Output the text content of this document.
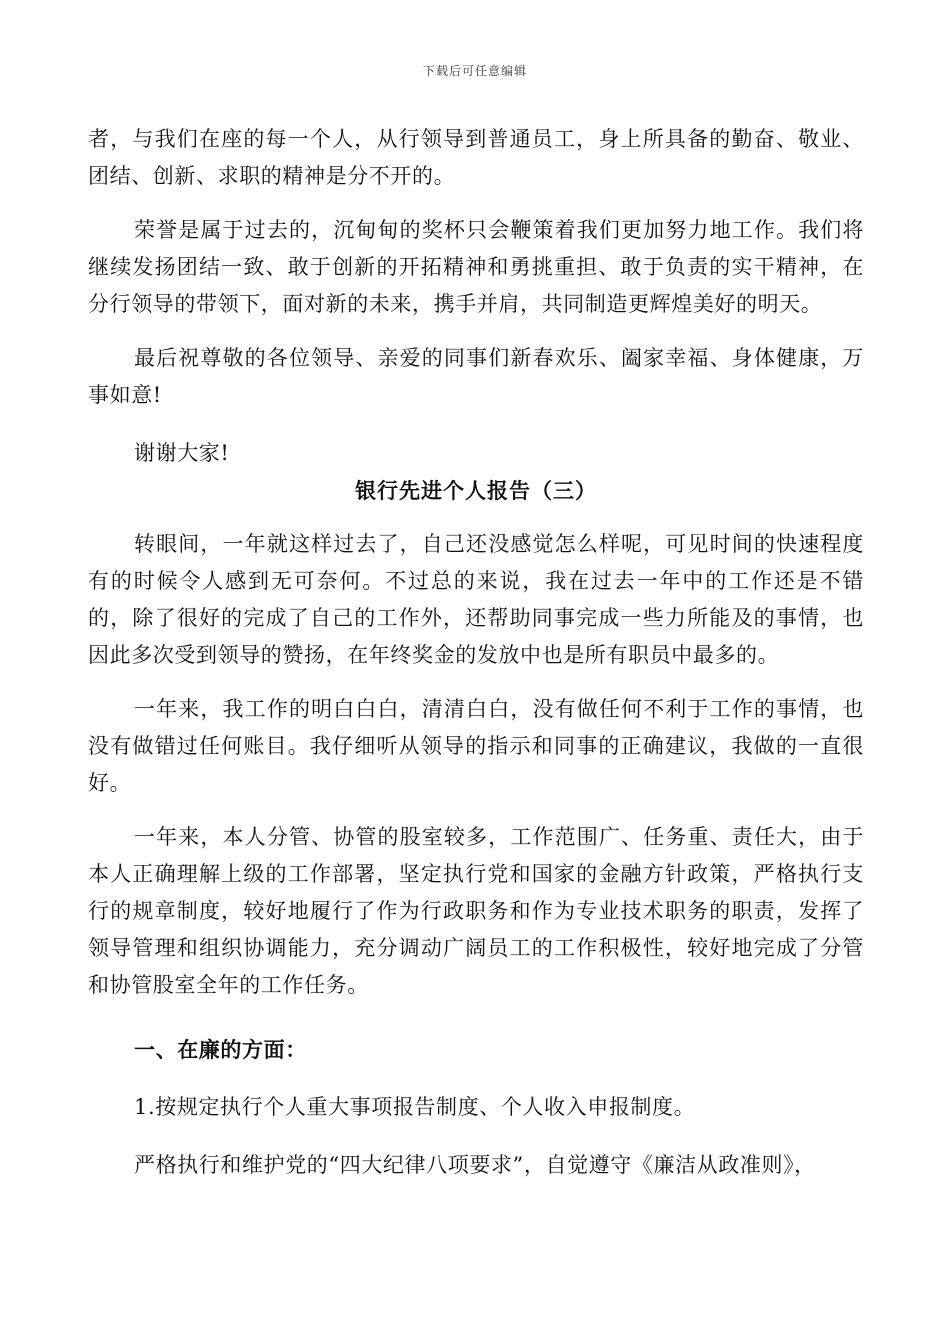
下载后可任意编辑

者，与我们在座的每一个人，从行领导到普通员工，身上所具备的勤奋、敬业、团结、创新、求职的精神是分不开的。

荣誉是属于过去的，沉甸甸的奖杯只会鞭策着我们更加努力地工作。我们将继续发扬团结一致、敢于创新的开拓精神和勇挑重担、敢于负责的实干精神，在分行领导的带领下，面对新的未来，携手并肩，共同制造更辉煌美好的明天。

最后祝尊敬的各位领导、亲爱的同事们新春欢乐、阖家幸福、身体健康，万事如意!

谢谢大家!

银行先进个人报告（三）

转眼间，一年就这样过去了，自己还没感觉怎么样呢，可见时间的快速程度有的时候令人感到无可奈何。不过总的来说，我在过去一年中的工作还是不错的，除了很好的完成了自己的工作外，还帮助同事完成一些力所能及的事情，也因此多次受到领导的赞扬，在年终奖金的发放中也是所有职员中最多的。

一年来，我工作的明白白白，清清白白，没有做任何不利于工作的事情，也没有做错过任何账目。我仔细听从领导的指示和同事的正确建议，我做的一直很好。

一年来，本人分管、协管的股室较多，工作范围广、任务重、责任大，由于本人正确理解上级的工作部署，坚定执行党和国家的金融方针政策，严格执行支行的规章制度，较好地履行了作为行政职务和作为专业技术职务的职责，发挥了领导管理和组织协调能力，充分调动广阔员工的工作积极性，较好地完成了分管和协管股室全年的工作任务。

一、在廉的方面：

1.按规定执行个人重大事项报告制度、个人收入申报制度。

严格执行和维护党的“四大纪律八项要求”，自觉遵守《廉洁从政准则》，
